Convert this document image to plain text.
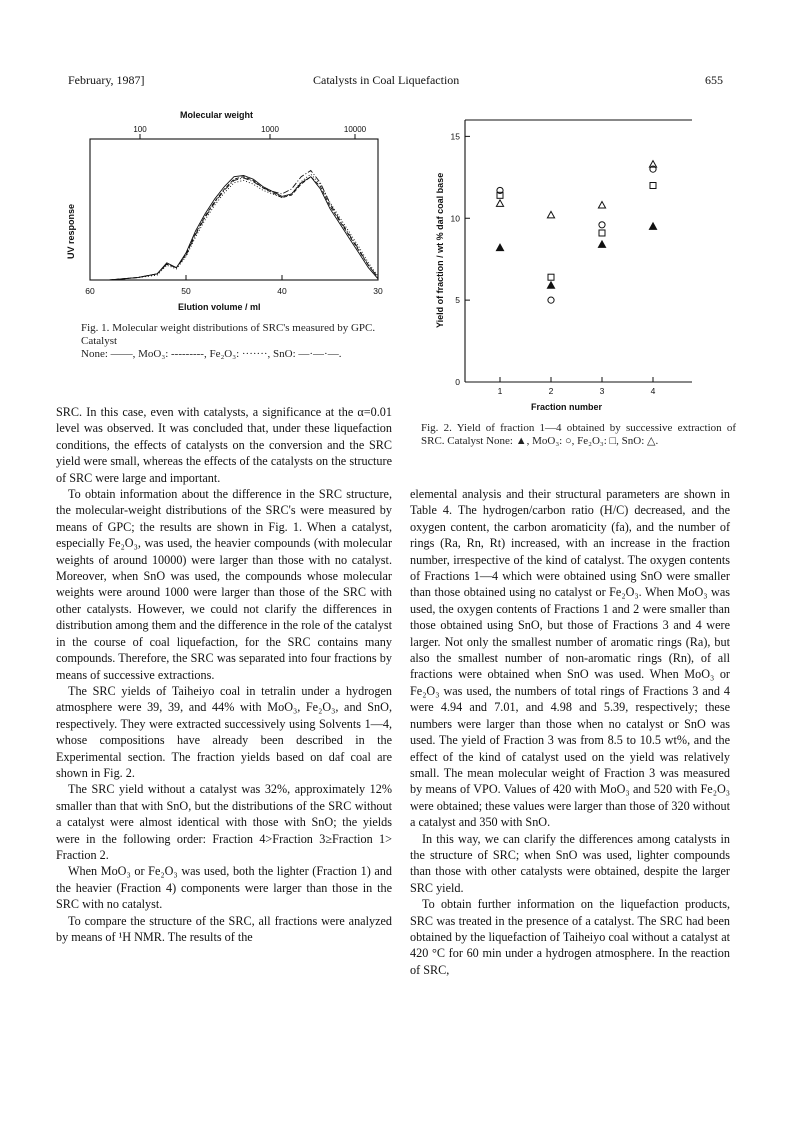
February, 1987]	Catalysts in Coal Liquefaction	655
Molecular weight
100	1000	10000
60	50	40	30
Elution volume / ml
UV response
Fig. 1. Molecular weight distributions of SRC's measured by GPC.
Catalyst
None: ——, MoO₃: ---------, Fe₂O₃: ·······, SnO: —·—·—.
0
5
10
15
1	2	3	4
Fraction number
Yield of fraction / wt % daf coal base
Fig. 2. Yield of fraction 1—4 obtained by successive extraction of SRC. Catalyst None: ▲, MoO₃: ○, Fe₂O₃: □, SnO: △.

SRC. In this case, even with catalysts, a significance at the α=0.01 level was observed. It was concluded that, under these liquefaction conditions, the effects of catalysts on the conversion and the SRC yield were small, whereas the effects of the catalysts on the structure of SRC were large and important.

To obtain information about the difference in the SRC structure, the molecular-weight distributions of the SRC's were measured by means of GPC; the results are shown in Fig. 1. When a catalyst, especially Fe₂O₃, was used, the heavier compounds (with molecular weights of around 10000) were larger than those with no catalyst. Moreover, when SnO was used, the compounds whose molecular weights were around 1000 were larger than those of the SRC with other catalysts. However, we could not clarify the differences in distribution among them and the difference in the role of the catalyst in the course of coal liquefaction, for the SRC contains many compounds. Therefore, the SRC was separated into four fractions by means of successive extractions.

The SRC yields of Taiheiyo coal in tetralin under a hydrogen atmosphere were 39, 39, and 44% with MoO₃, Fe₂O₃, and SnO, respectively. They were extracted successively using Solvents 1—4, whose compositions have already been described in the Experimental section. The fraction yields based on daf coal are shown in Fig. 2.

The SRC yield without a catalyst was 32%, approximately 12% smaller than that with SnO, but the distributions of the SRC without a catalyst were almost identical with those with SnO; the yields were in the following order: Fraction 4>Fraction 3≥Fraction 1> Fraction 2.

When MoO₃ or Fe₂O₃ was used, both the lighter (Fraction 1) and the heavier (Fraction 4) components were larger than those in the SRC with no catalyst.

To compare the structure of the SRC, all fractions were analyzed by means of ¹H NMR. The results of the

elemental analysis and their structural parameters are shown in Table 4. The hydrogen/carbon ratio (H/C) decreased, and the oxygen content, the carbon aromaticity (fa), and the number of rings (Ra, Rn, Rt) increased, with an increase in the fraction number, irrespective of the kind of catalyst. The oxygen contents of Fractions 1—4 which were obtained using SnO were smaller than those obtained using no catalyst or Fe₂O₃. When MoO₃ was used, the oxygen contents of Fractions 1 and 2 were smaller than those obtained using SnO, but those of Fractions 3 and 4 were larger. Not only the smallest number of aromatic rings (Ra), but also the smallest number of non-aromatic rings (Rn), of all fractions were obtained when SnO was used. When MoO₃ or Fe₂O₃ was used, the numbers of total rings of Fractions 3 and 4 were 4.94 and 7.01, and 4.98 and 5.39, respectively; these numbers were larger than those when no catalyst or SnO was used. The yield of Fraction 3 was from 8.5 to 10.5 wt%, and the effect of the kind of catalyst used on the yield was relatively small. The mean molecular weight of Fraction 3 was measured by means of VPO. Values of 420 with MoO₃ and 520 with Fe₂O₃ were obtained; these values were larger than those of 320 without a catalyst and 350 with SnO.

In this way, we can clarify the differences among catalysts in the structure of SRC; when SnO was used, lighter compounds than those with other catalysts were obtained, despite the larger SRC yield.

To obtain further information on the liquefaction products, SRC was treated in the presence of a catalyst. The SRC had been obtained by the liquefaction of Taiheiyo coal without a catalyst at 420 °C for 60 min under a hydrogen atmosphere. In the reaction of SRC,
